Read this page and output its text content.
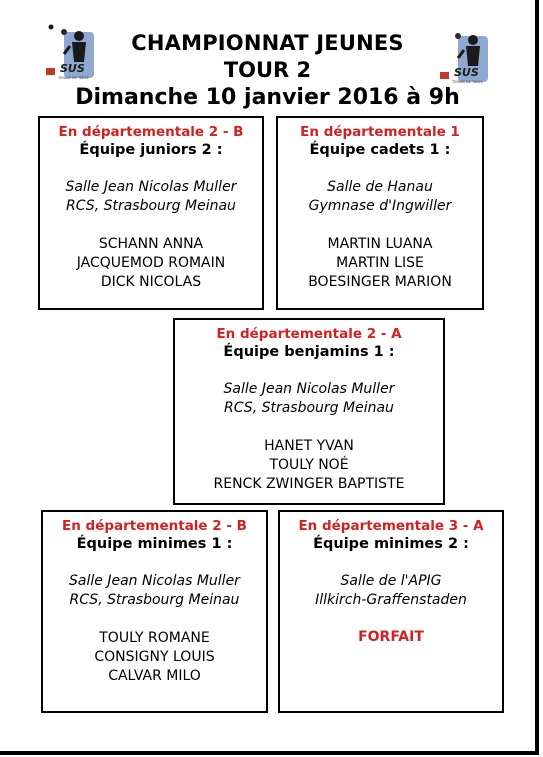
SUS
TENNIS DE TABLE	SUS
TENNIS DE TABLE
CHAMPIONNAT JEUNES
TOUR 2
Dimanche 10 janvier 2016 à 9h
En départementale 2 - B
Équipe juniors 2 :
Salle Jean Nicolas Muller
RCS, Strasbourg Meinau
SCHANN ANNA
JACQUEMOD ROMAIN
DICK NICOLAS
En départementale 1
Équipe cadets 1 :
Salle de Hanau
Gymnase d'Ingwiller
MARTIN LUANA
MARTIN LISE
BOESINGER MARION
En départementale 2 - A
Équipe benjamins 1 :
Salle Jean Nicolas Muller
RCS, Strasbourg Meinau
HANET YVAN
TOULY NOÉ
RENCK ZWINGER BAPTISTE
En départementale 2 - B
Équipe minimes 1 :
Salle Jean Nicolas Muller
RCS, Strasbourg Meinau
TOULY ROMANE
CONSIGNY LOUIS
CALVAR MILO
En départementale 3 - A
Équipe minimes 2 :
Salle de l'APIG
Illkirch-Graffenstaden
FORFAIT
